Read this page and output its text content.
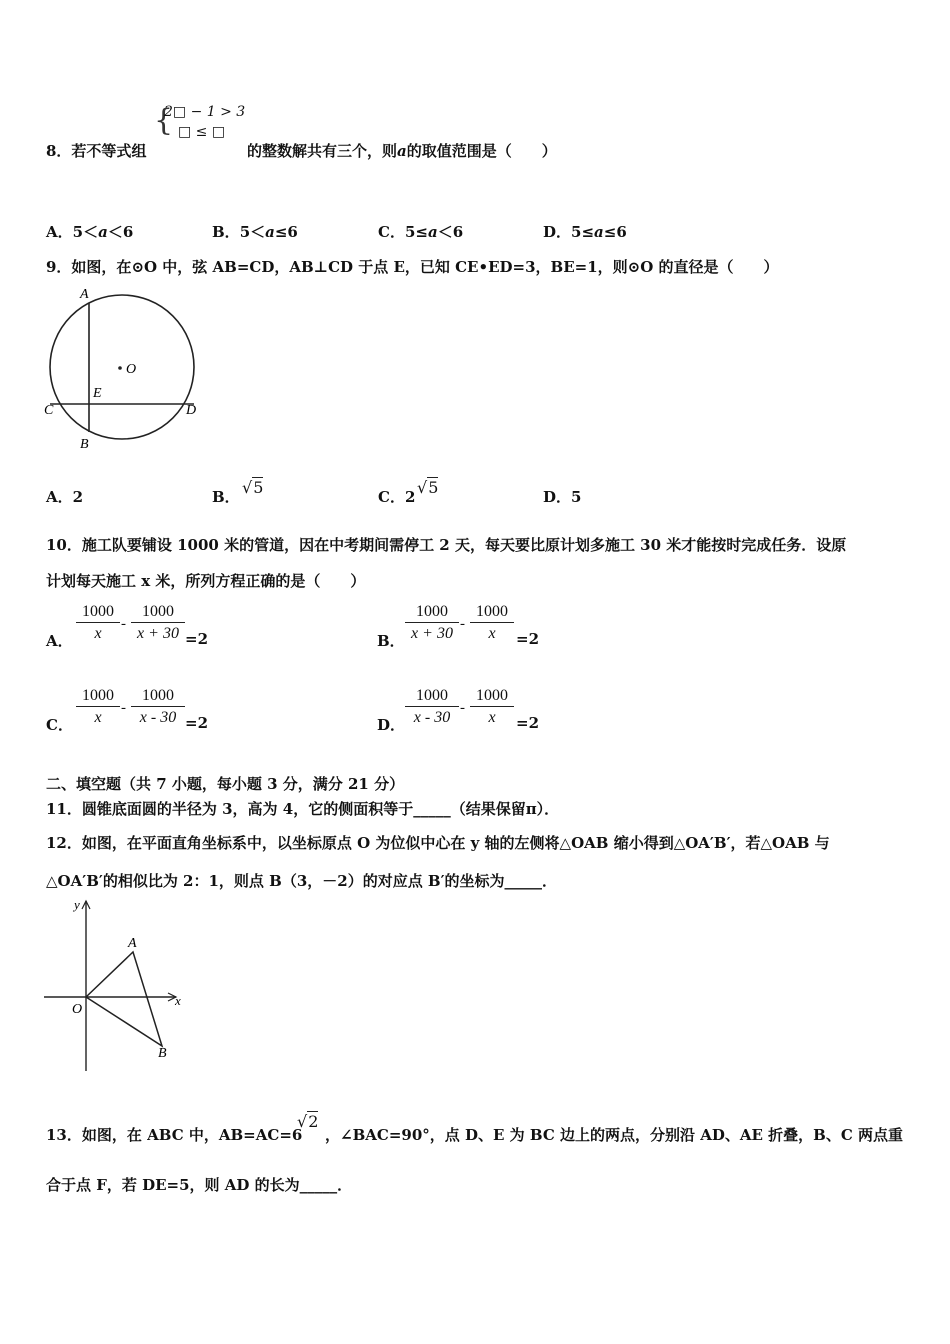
{
2□ − 1 > 3
□ ≤ □
8．若不等式组	的整数解共有三个，则a的取值范围是（　　）
A．5＜a＜6	B．5＜a≤6	C．5≤a＜6	D．5≤a≤6
9．如图，在⊙O 中，弦 AB=CD，AB⊥CD 于点 E，已知 CE•ED=3，BE=1，则⊙O 的直径是（　　）
A
O
E
C	D
B
A．2	B． √5	C．2 √5	D．5
10．施工队要铺设 1000 米的管道，因在中考期间需停工 2 天，每天要比原计划多施工 30 米才能按时完成任务．设原
计划每天施工 x 米，所列方程正确的是（　　）
A． $\frac{1000}{x} - \frac{1000}{x + 30} =2$	B． $\frac{1000}{x + 30} - \frac{1000}{x} =2$
C． $\frac{1000}{x} - \frac{1000}{x - 30} =2$	D． $\frac{1000}{x - 30} - \frac{1000}{x} =2$
二、填空题（共 7 小题，每小题 3 分，满分 21 分）
11．圆锥底面圆的半径为 3，高为 4，它的侧面积等于_____（结果保留π）．
12．如图，在平面直角坐标系中，以坐标原点 O 为位似中心在 y 轴的左侧将△OAB 缩小得到△OA′B′，若△OAB 与
△OA′B′的相似比为 2：1，则点 B（3，－2）的对应点 B′的坐标为_____．
y
x
O
A
B
13．如图，在 ABC 中，AB=AC=6
√2
，∠BAC=90°，点 D、E 为 BC 边上的两点，分别沿 AD、AE 折叠，B、C 两点重
合于点 F，若 DE=5，则 AD 的长为_____．
